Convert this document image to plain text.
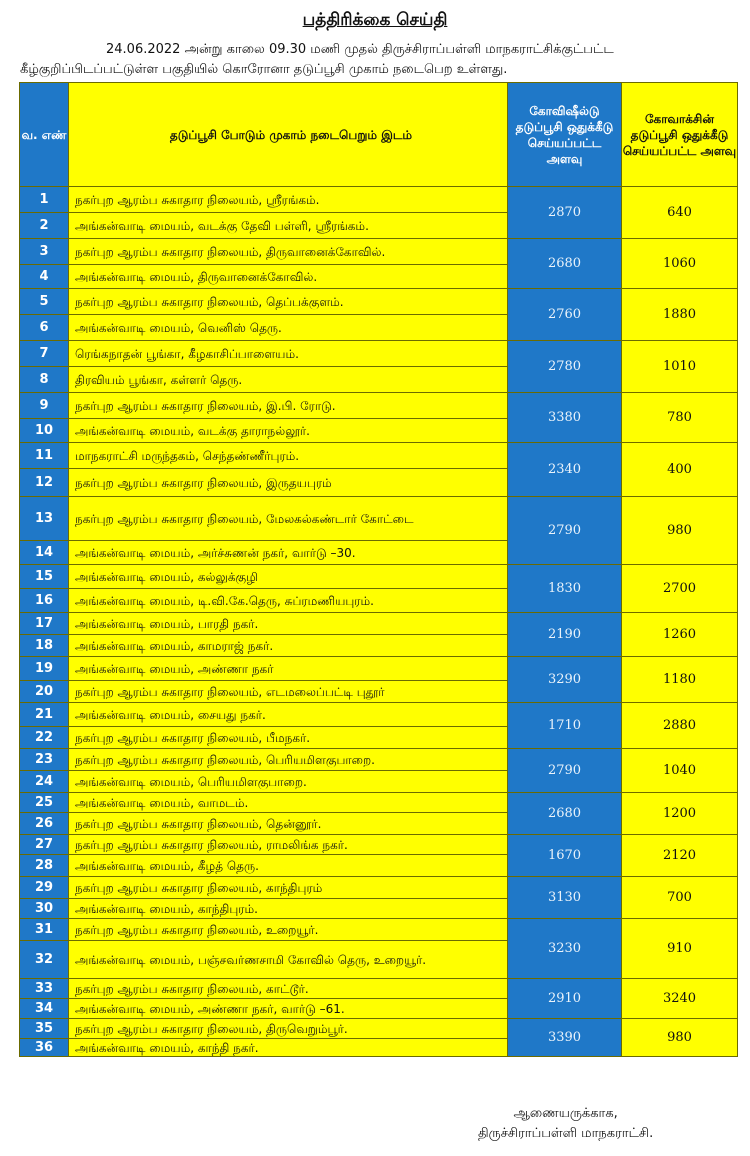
பத்திரிக்கை செய்தி
24.06.2022 அன்று காலை 09.30 மணி முதல் திருச்சிராப்பள்ளி மாநகராட்சிக்குட்பட்ட
கீழ்குறிப்பிடப்பட்டுள்ள பகுதியில் கொரோனா தடுப்பூசி முகாம் நடைபெற உள்ளது.
வ. எண்	தடுப்பூசி போடும் முகாம் நடைபெறும் இடம்	கோவிஷீல்டு தடுப்பூசி ஒதுக்கீடு செய்யப்பட்ட அளவு	கோவாக்சின் தடுப்பூசி ஒதுக்கீடு செய்யப்பட்ட அளவு
1	நகர்புற ஆரம்ப சுகாதார நிலையம், ஸ்ரீரங்கம்.	2870	640
2	அங்கன்வாடி மையம், வடக்கு தேவி பள்ளி, ஸ்ரீரங்கம்.		
3	நகர்புற ஆரம்ப சுகாதார நிலையம், திருவானைக்கோவில்.	2680	1060
4	அங்கன்வாடி மையம், திருவானைக்கோவில்.		
5	நகர்புற ஆரம்ப சுகாதார நிலையம், தெப்பக்குளம்.	2760	1880
6	அங்கன்வாடி மையம், வெனிஸ் தெரு.		
7	ரெங்கநாதன் பூங்கா, கீழகாசிப்பாளையம்.	2780	1010
8	திரவியம் பூங்கா, கள்ளர் தெரு.		
9	நகர்புற ஆரம்ப சுகாதார நிலையம், இ.பி. ரோடு.	3380	780
10	அங்கன்வாடி மையம், வடக்கு தாராநல்லூர்.		
11	மாநகராட்சி மருந்தகம், செந்தண்ணீர்புரம்.	2340	400
12	நகர்புற ஆரம்ப சுகாதார நிலையம், இருதயபுரம்		
13	நகர்புற ஆரம்ப சுகாதார நிலையம், மேலகல்கண்டார் கோட்டை	2790	980
14	அங்கன்வாடி மையம், அர்ச்சுணன் நகர், வார்டு –30.		
15	அங்கன்வாடி மையம், கல்லுக்குழி	1830	2700
16	அங்கன்வாடி மையம், டி.வி.கே.தெரு, சுப்ரமணியபுரம்.		
17	அங்கன்வாடி மையம், பாரதி நகர்.	2190	1260
18	அங்கன்வாடி மையம், காமராஜ் நகர்.		
19	அங்கன்வாடி மையம், அண்ணா நகர்	3290	1180
20	நகர்புற ஆரம்ப சுகாதார நிலையம், எடமலைப்பட்டி புதூர்		
21	அங்கன்வாடி மையம், சையது நகர்.	1710	2880
22	நகர்புற ஆரம்ப சுகாதார நிலையம், பீமநகர்.		
23	நகர்புற ஆரம்ப சுகாதார நிலையம், பெரியமிளகுபாறை.	2790	1040
24	அங்கன்வாடி மையம், பெரியமிளகுபாறை.		
25	அங்கன்வாடி மையம், வாமடம்.	2680	1200
26	நகர்புற ஆரம்ப சுகாதார நிலையம், தென்னூர்.		
27	நகர்புற ஆரம்ப சுகாதார நிலையம், ராமலிங்க நகர்.	1670	2120
28	அங்கன்வாடி மையம், கீழத் தெரு.		
29	நகர்புற ஆரம்ப சுகாதார நிலையம், காந்திபுரம்	3130	700
30	அங்கன்வாடி மையம், காந்திபுரம்.		
31	நகர்புற ஆரம்ப சுகாதார நிலையம், உறையூர்.	3230	910
32	அங்கன்வாடி மையம், பஞ்சவர்ணசாமி கோவில் தெரு, உறையூர்.		
33	நகர்புற ஆரம்ப சுகாதார நிலையம், காட்டூர்.	2910	3240
34	அங்கன்வாடி மையம், அண்ணா நகர், வார்டு –61.		
35	நகர்புற ஆரம்ப சுகாதார நிலையம், திருவெறும்பூர்.	3390	980
36	அங்கன்வாடி மையம், காந்தி நகர்.		
ஆணையருக்காக,
திருச்சிராப்பள்ளி மாநகராட்சி.
